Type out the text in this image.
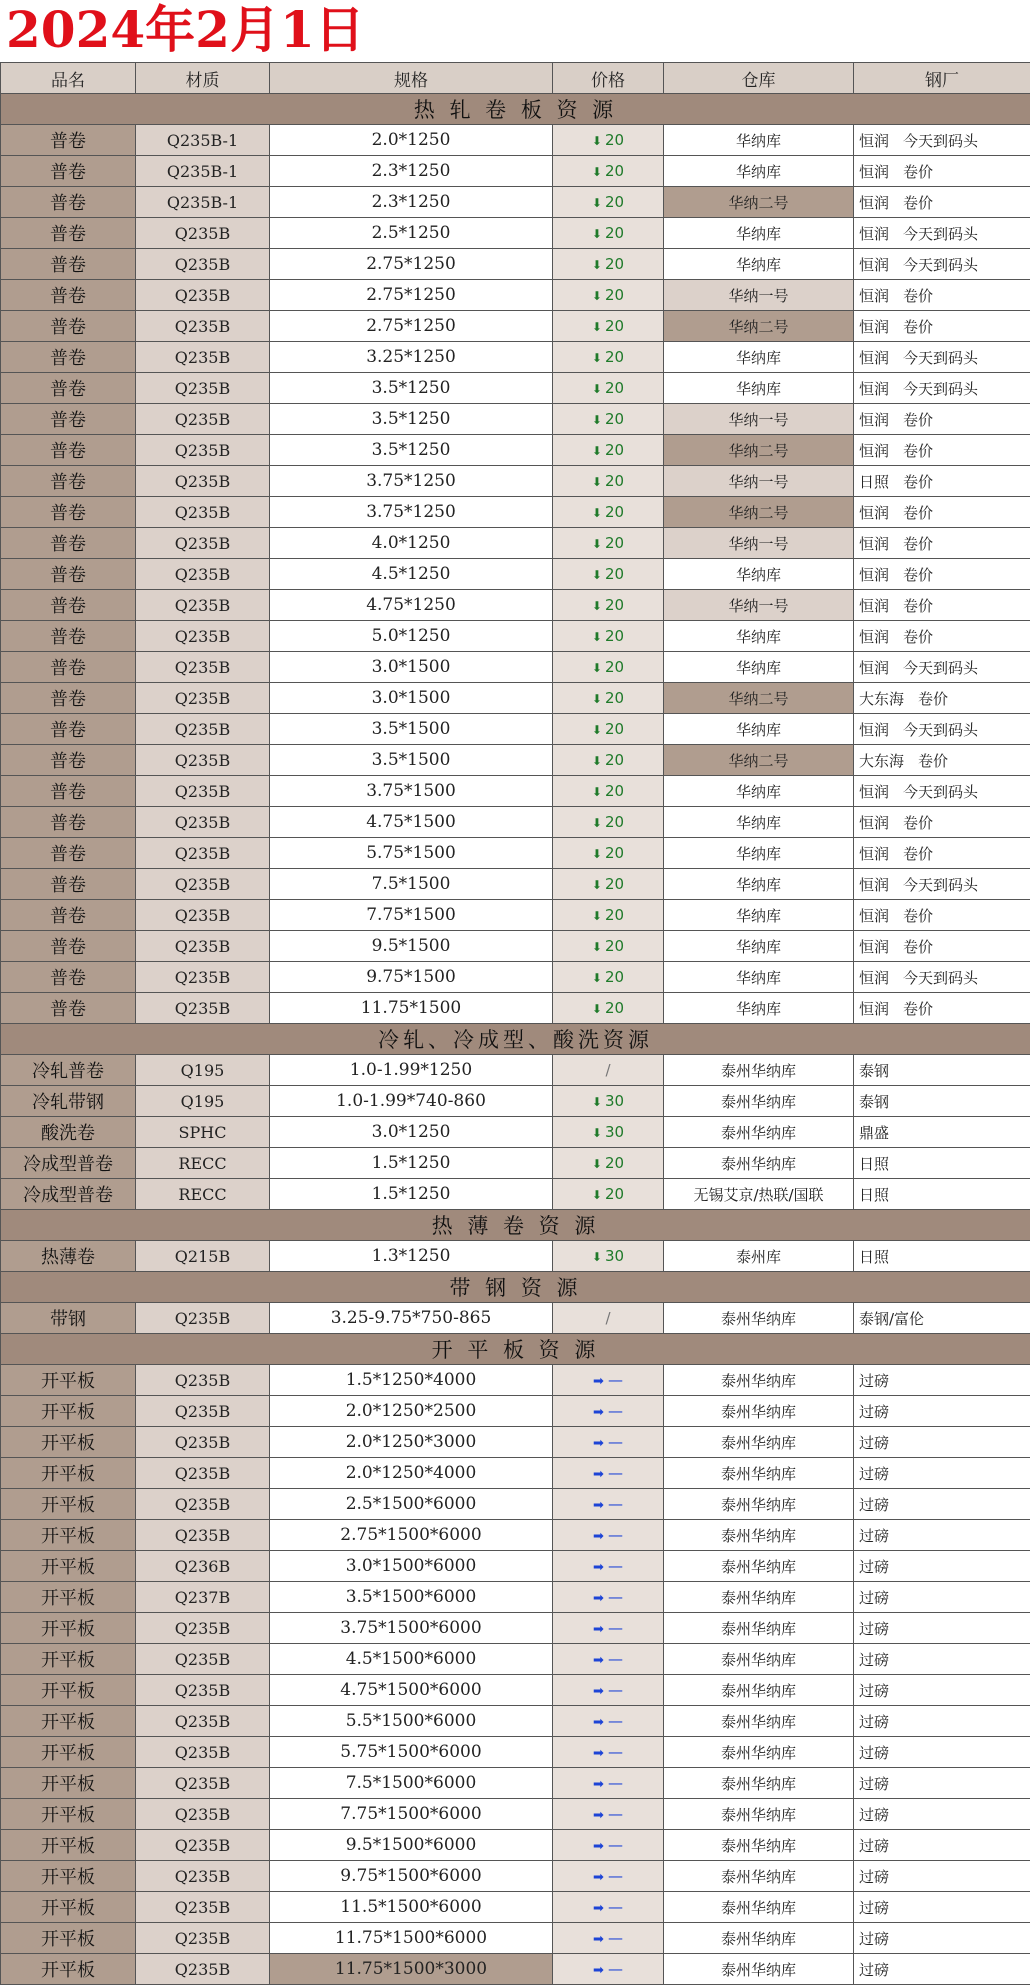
2024年2月1日
品名	材质	规格	价格	仓库	钢厂
热 轧 卷 板 资 源					
普卷	Q235B-1	2.0*1250	⬇ 20	华纳库	恒润 今天到码头
普卷	Q235B-1	2.3*1250	⬇ 20	华纳库	恒润 卷价
普卷	Q235B-1	2.3*1250	⬇ 20	华纳二号	恒润 卷价
普卷	Q235B	2.5*1250	⬇ 20	华纳库	恒润 今天到码头
普卷	Q235B	2.75*1250	⬇ 20	华纳库	恒润 今天到码头
普卷	Q235B	2.75*1250	⬇ 20	华纳一号	恒润 卷价
普卷	Q235B	2.75*1250	⬇ 20	华纳二号	恒润 卷价
普卷	Q235B	3.25*1250	⬇ 20	华纳库	恒润 今天到码头
普卷	Q235B	3.5*1250	⬇ 20	华纳库	恒润 今天到码头
普卷	Q235B	3.5*1250	⬇ 20	华纳一号	恒润 卷价
普卷	Q235B	3.5*1250	⬇ 20	华纳二号	恒润 卷价
普卷	Q235B	3.75*1250	⬇ 20	华纳一号	日照 卷价
普卷	Q235B	3.75*1250	⬇ 20	华纳二号	恒润 卷价
普卷	Q235B	4.0*1250	⬇ 20	华纳一号	恒润 卷价
普卷	Q235B	4.5*1250	⬇ 20	华纳库	恒润 卷价
普卷	Q235B	4.75*1250	⬇ 20	华纳一号	恒润 卷价
普卷	Q235B	5.0*1250	⬇ 20	华纳库	恒润 卷价
普卷	Q235B	3.0*1500	⬇ 20	华纳库	恒润 今天到码头
普卷	Q235B	3.0*1500	⬇ 20	华纳二号	大东海 卷价
普卷	Q235B	3.5*1500	⬇ 20	华纳库	恒润 今天到码头
普卷	Q235B	3.5*1500	⬇ 20	华纳二号	大东海 卷价
普卷	Q235B	3.75*1500	⬇ 20	华纳库	恒润 今天到码头
普卷	Q235B	4.75*1500	⬇ 20	华纳库	恒润 卷价
普卷	Q235B	5.75*1500	⬇ 20	华纳库	恒润 卷价
普卷	Q235B	7.5*1500	⬇ 20	华纳库	恒润 今天到码头
普卷	Q235B	7.75*1500	⬇ 20	华纳库	恒润 卷价
普卷	Q235B	9.5*1500	⬇ 20	华纳库	恒润 卷价
普卷	Q235B	9.75*1500	⬇ 20	华纳库	恒润 今天到码头
普卷	Q235B	11.75*1500	⬇ 20	华纳库	恒润 卷价
冷轧、冷成型、酸洗资源					
冷轧普卷	Q195	1.0-1.99*1250	/	泰州华纳库	泰钢
冷轧带钢	Q195	1.0-1.99*740-860	⬇ 30	泰州华纳库	泰钢
酸洗卷	SPHC	3.0*1250	⬇ 30	泰州华纳库	鼎盛
冷成型普卷	RECC	1.5*1250	⬇ 20	泰州华纳库	日照
冷成型普卷	RECC	1.5*1250	⬇ 20	无锡艾京/热联/国联	日照
热 薄 卷 资 源					
热薄卷	Q215B	1.3*1250	⬇ 30	泰州库	日照
带 钢 资 源					
带钢	Q235B	3.25-9.75*750-865	/	泰州华纳库	泰钢/富伦
开 平 板 资 源					
开平板	Q235B	1.5*1250*4000	➡ —	泰州华纳库	过磅
开平板	Q235B	2.0*1250*2500	➡ —	泰州华纳库	过磅
开平板	Q235B	2.0*1250*3000	➡ —	泰州华纳库	过磅
开平板	Q235B	2.0*1250*4000	➡ —	泰州华纳库	过磅
开平板	Q235B	2.5*1500*6000	➡ —	泰州华纳库	过磅
开平板	Q235B	2.75*1500*6000	➡ —	泰州华纳库	过磅
开平板	Q236B	3.0*1500*6000	➡ —	泰州华纳库	过磅
开平板	Q237B	3.5*1500*6000	➡ —	泰州华纳库	过磅
开平板	Q235B	3.75*1500*6000	➡ —	泰州华纳库	过磅
开平板	Q235B	4.5*1500*6000	➡ —	泰州华纳库	过磅
开平板	Q235B	4.75*1500*6000	➡ —	泰州华纳库	过磅
开平板	Q235B	5.5*1500*6000	➡ —	泰州华纳库	过磅
开平板	Q235B	5.75*1500*6000	➡ —	泰州华纳库	过磅
开平板	Q235B	7.5*1500*6000	➡ —	泰州华纳库	过磅
开平板	Q235B	7.75*1500*6000	➡ —	泰州华纳库	过磅
开平板	Q235B	9.5*1500*6000	➡ —	泰州华纳库	过磅
开平板	Q235B	9.75*1500*6000	➡ —	泰州华纳库	过磅
开平板	Q235B	11.5*1500*6000	➡ —	泰州华纳库	过磅
开平板	Q235B	11.75*1500*6000	➡ —	泰州华纳库	过磅
开平板	Q235B	11.75*1500*3000	➡ —	泰州华纳库	过磅
